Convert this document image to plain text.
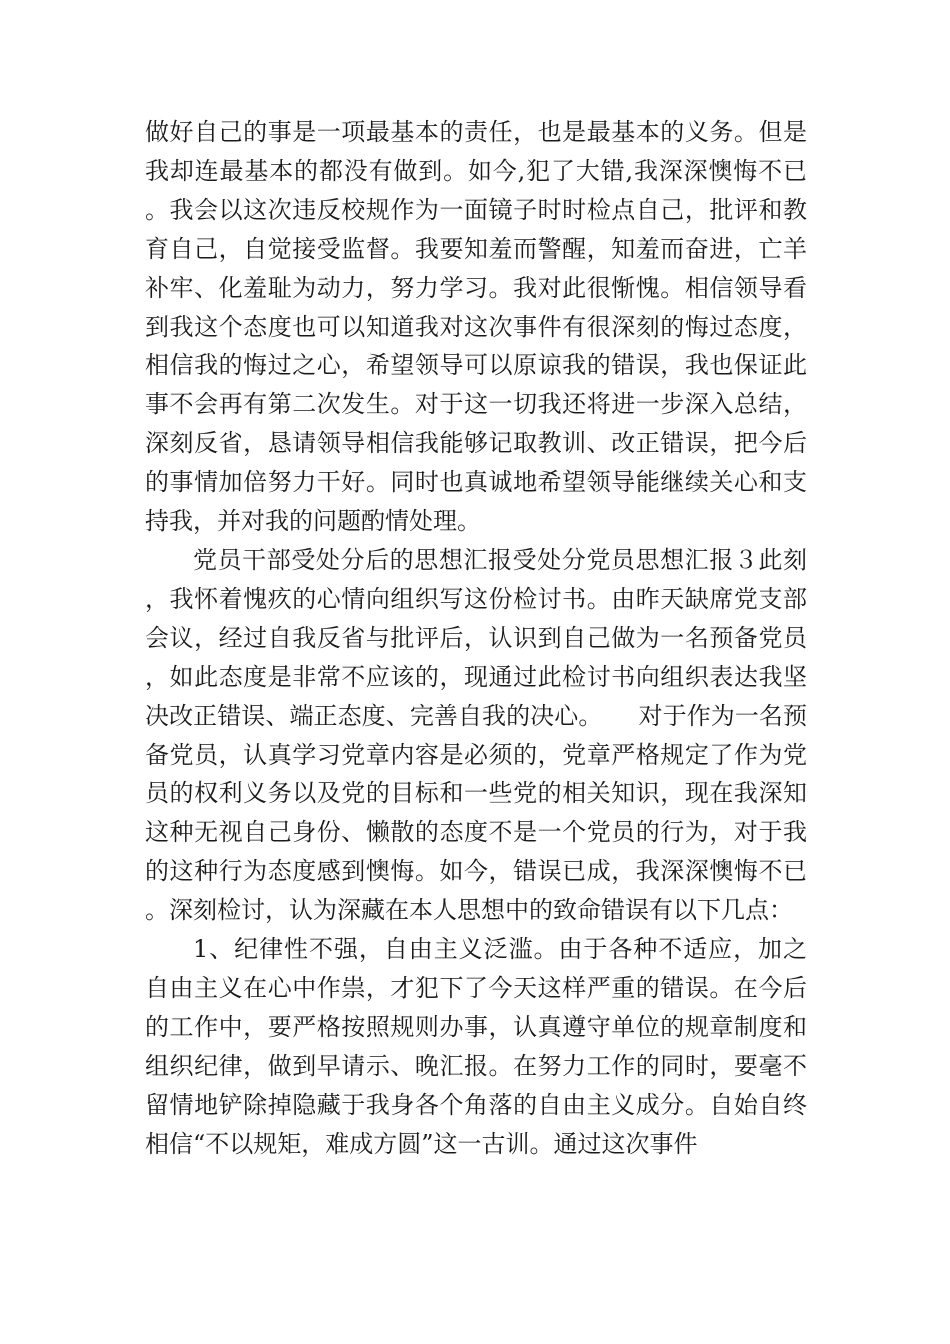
做好自己的事是一项最基本的责任，也是最基本的义务。但是我却连最基本的都没有做到。如今,犯了大错,我深深懊悔不已。我会以这次违反校规作为一面镜子时时检点自己，批评和教育自己，自觉接受监督。我要知羞而警醒，知羞而奋进，亡羊补牢、化羞耻为动力，努力学习。我对此很惭愧。相信领导看到我这个态度也可以知道我对这次事件有很深刻的悔过态度，相信我的悔过之心，希望领导可以原谅我的错误，我也保证此事不会再有第二次发生。对于这一切我还将进一步深入总结，深刻反省，恳请领导相信我能够记取教训、改正错误，把今后的事情加倍努力干好。同时也真诚地希望领导能继续关心和支持我，并对我的问题酌情处理。

党员干部受处分后的思想汇报受处分党员思想汇报３此刻，我怀着愧疚的心情向组织写这份检讨书。由昨天缺席党支部会议，经过自我反省与批评后，认识到自己做为一名预备党员，如此态度是非常不应该的，现通过此检讨书向组织表达我坚决改正错误、端正态度、完善自我的决心。　　对于作为一名预备党员，认真学习党章内容是必须的，党章严格规定了作为党员的权利义务以及党的目标和一些党的相关知识，现在我深知这种无视自己身份、懒散的态度不是一个党员的行为，对于我的这种行为态度感到懊悔。如今，错误已成，我深深懊悔不已。深刻检讨，认为深藏在本人思想中的致命错误有以下几点：

1、纪律性不强，自由主义泛滥。由于各种不适应，加之自由主义在心中作祟，才犯下了今天这样严重的错误。在今后的工作中，要严格按照规则办事，认真遵守单位的规章制度和组织纪律，做到早请示、晚汇报。在努力工作的同时，要毫不留情地铲除掉隐藏于我身各个角落的自由主义成分。自始自终相信“不以规矩，难成方圆”这一古训。通过这次事件
